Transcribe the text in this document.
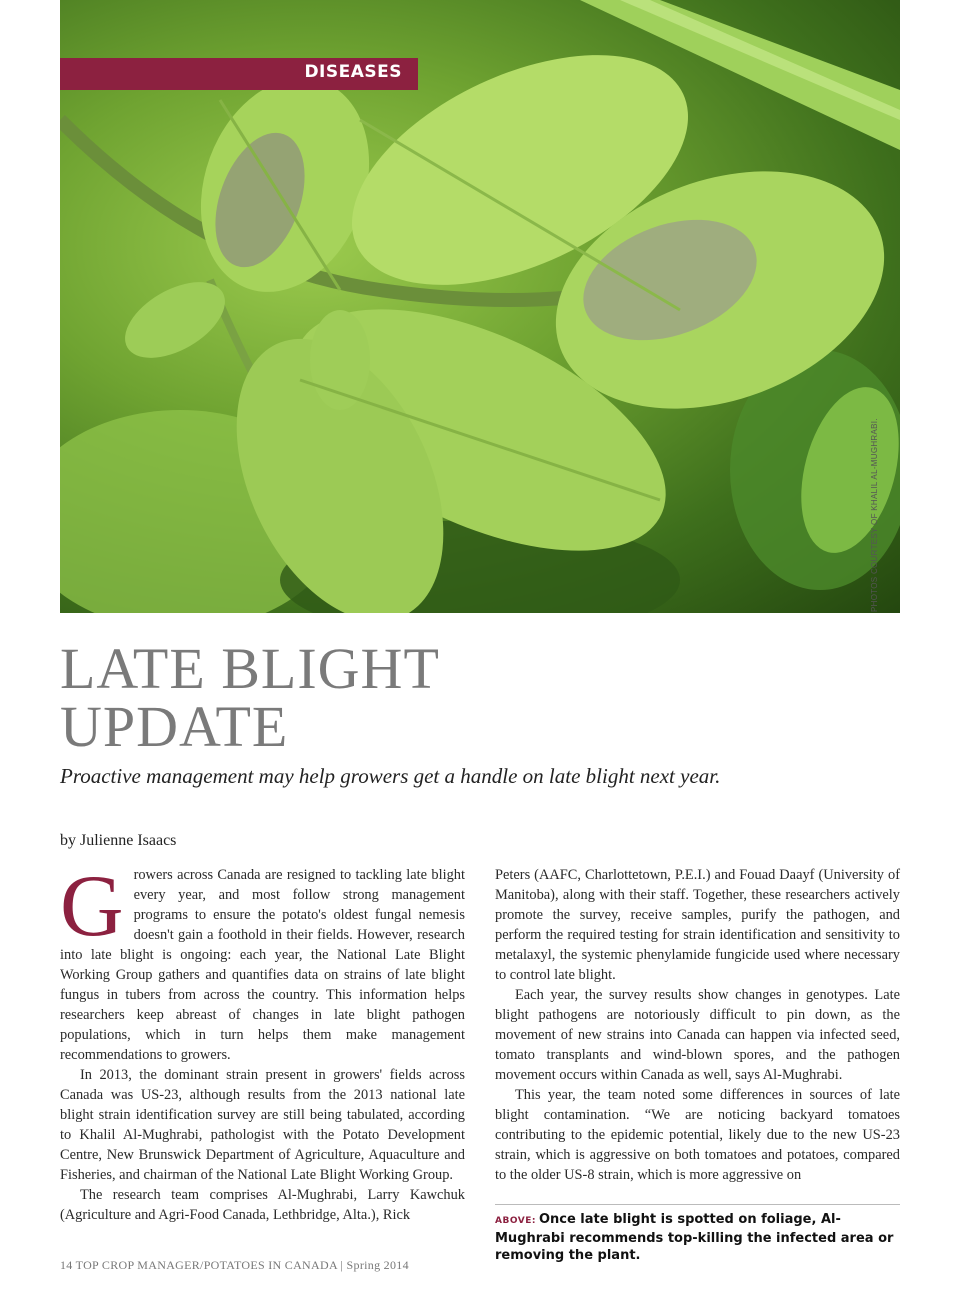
DISEASES
PHOTOS COURTESY OF KHALIL AL-MUGHRABI.
LATE BLIGHT
UPDATE

Proactive management may help growers get a handle on late blight next year.

by Julienne Isaacs

Growers across Canada are resigned to tackling late blight every year, and most follow strong management programs to ensure the potato's oldest fungal nemesis doesn't gain a foothold in their fields. However, research into late blight is ongoing: each year, the National Late Blight Working Group gathers and quantifies data on strains of late blight fungus in tubers from across the country. This information helps researchers keep abreast of changes in late blight pathogen populations, which in turn helps them make management recommendations to growers.

In 2013, the dominant strain present in growers' fields across Canada was US-23, although results from the 2013 national late blight strain identification survey are still being tabulated, according to Khalil Al-Mughrabi, pathologist with the Potato Development Centre, New Brunswick Department of Agriculture, Aquaculture and Fisheries, and chairman of the National Late Blight Working Group.

The research team comprises Al-Mughrabi, Larry Kawchuk (Agriculture and Agri-Food Canada, Lethbridge, Alta.), Rick

Peters (AAFC, Charlottetown, P.E.I.) and Fouad Daayf (University of Manitoba), along with their staff. Together, these researchers actively promote the survey, receive samples, purify the pathogen, and perform the required testing for strain identification and sensitivity to metalaxyl, the systemic phenylamide fungicide used where necessary to control late blight.

Each year, the survey results show changes in genotypes. Late blight pathogens are notoriously difficult to pin down, as the movement of new strains into Canada can happen via infected seed, tomato transplants and wind-blown spores, and the pathogen movement occurs within Canada as well, says Al-Mughrabi.

This year, the team noted some differences in sources of late blight contamination. “We are noticing backyard tomatoes contributing to the epidemic potential, likely due to the new US-23 strain, which is aggressive on both tomatoes and potatoes, compared to the older US-8 strain, which is more aggressive on

ABOVE: Once late blight is spotted on foliage, Al-Mughrabi recommends top-killing the infected area or removing the plant.
14 TOP CROP MANAGER/POTATOES IN CANADA | Spring 2014
